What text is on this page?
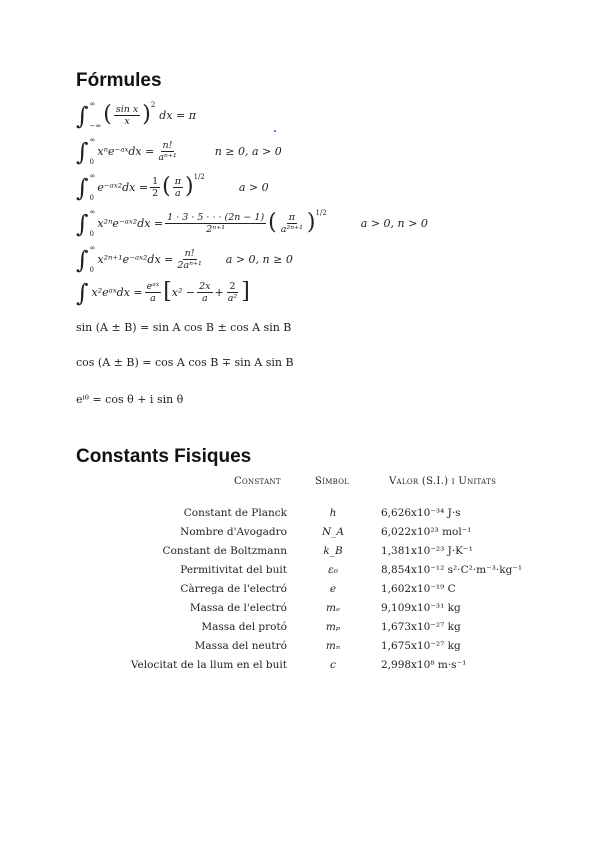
Fórmules
∫ ∞
−∞ ( $\frac{\text{sin x}}{x}$ ) 2
dx = π
∫ ∞
0
xⁿe⁻ᵃˣdx = $\frac{n!}{\text{aⁿ⁺¹}}$	n ≥ 0, a > 0
∫ ∞
0
e⁻ᵃˣ²dx = $\frac{1}{2}$ ( $\frac{\pi}{a}$ ) 1/2
a > 0
∫ ∞
0
x²ⁿe⁻ᵃˣ²dx = $\frac{1 \cdot 3 \cdot 5 \cdot \cdot \cdot (2n - 1)}{\text{2ⁿ⁺¹}}$ ( $\frac{\pi}{\text{a²ⁿ⁺¹}}$ ) 1/2
a > 0, n > 0
∫ ∞
0
x²ⁿ⁺¹e⁻ᵃˣ²dx = $\frac{n!}{\text{2aⁿ⁺¹}}$ a > 0, n ≥ 0
∫ x²eᵃˣdx = $\frac{\text{eᵃˣ}}{a}$ [ $x^2 - \frac{2x}{a} + \frac{2}{\text{a²}}$ ]
sin (A ± B) = sin A cos B ± cos A sin B
cos (A ± B) = cos A cos B ∓ sin A sin B
eⁱᶿ = cos θ + i sin θ
Constants Fisiques
Constant	Símbol	Valor (S.I.) i Unitats
Constant de Planck	h	6,626x10⁻³⁴ J·s
Nombre d'Avogadro	N_A	6,022x10²³ mol⁻¹
Constant de Boltzmann	k_B	1,381x10⁻²³ J·K⁻¹
Permitivitat del buit	ε₀	8,854x10⁻¹² s²·C²·m⁻³·kg⁻¹
Càrrega de l'electró	e	1,602x10⁻¹⁹ C
Massa de l'electró	mₑ	9,109x10⁻³¹ kg
Massa del protó	mₚ	1,673x10⁻²⁷ kg
Massa del neutró	mₙ	1,675x10⁻²⁷ kg
Velocitat de la llum en el buit	c	2,998x10⁸ m·s⁻¹
